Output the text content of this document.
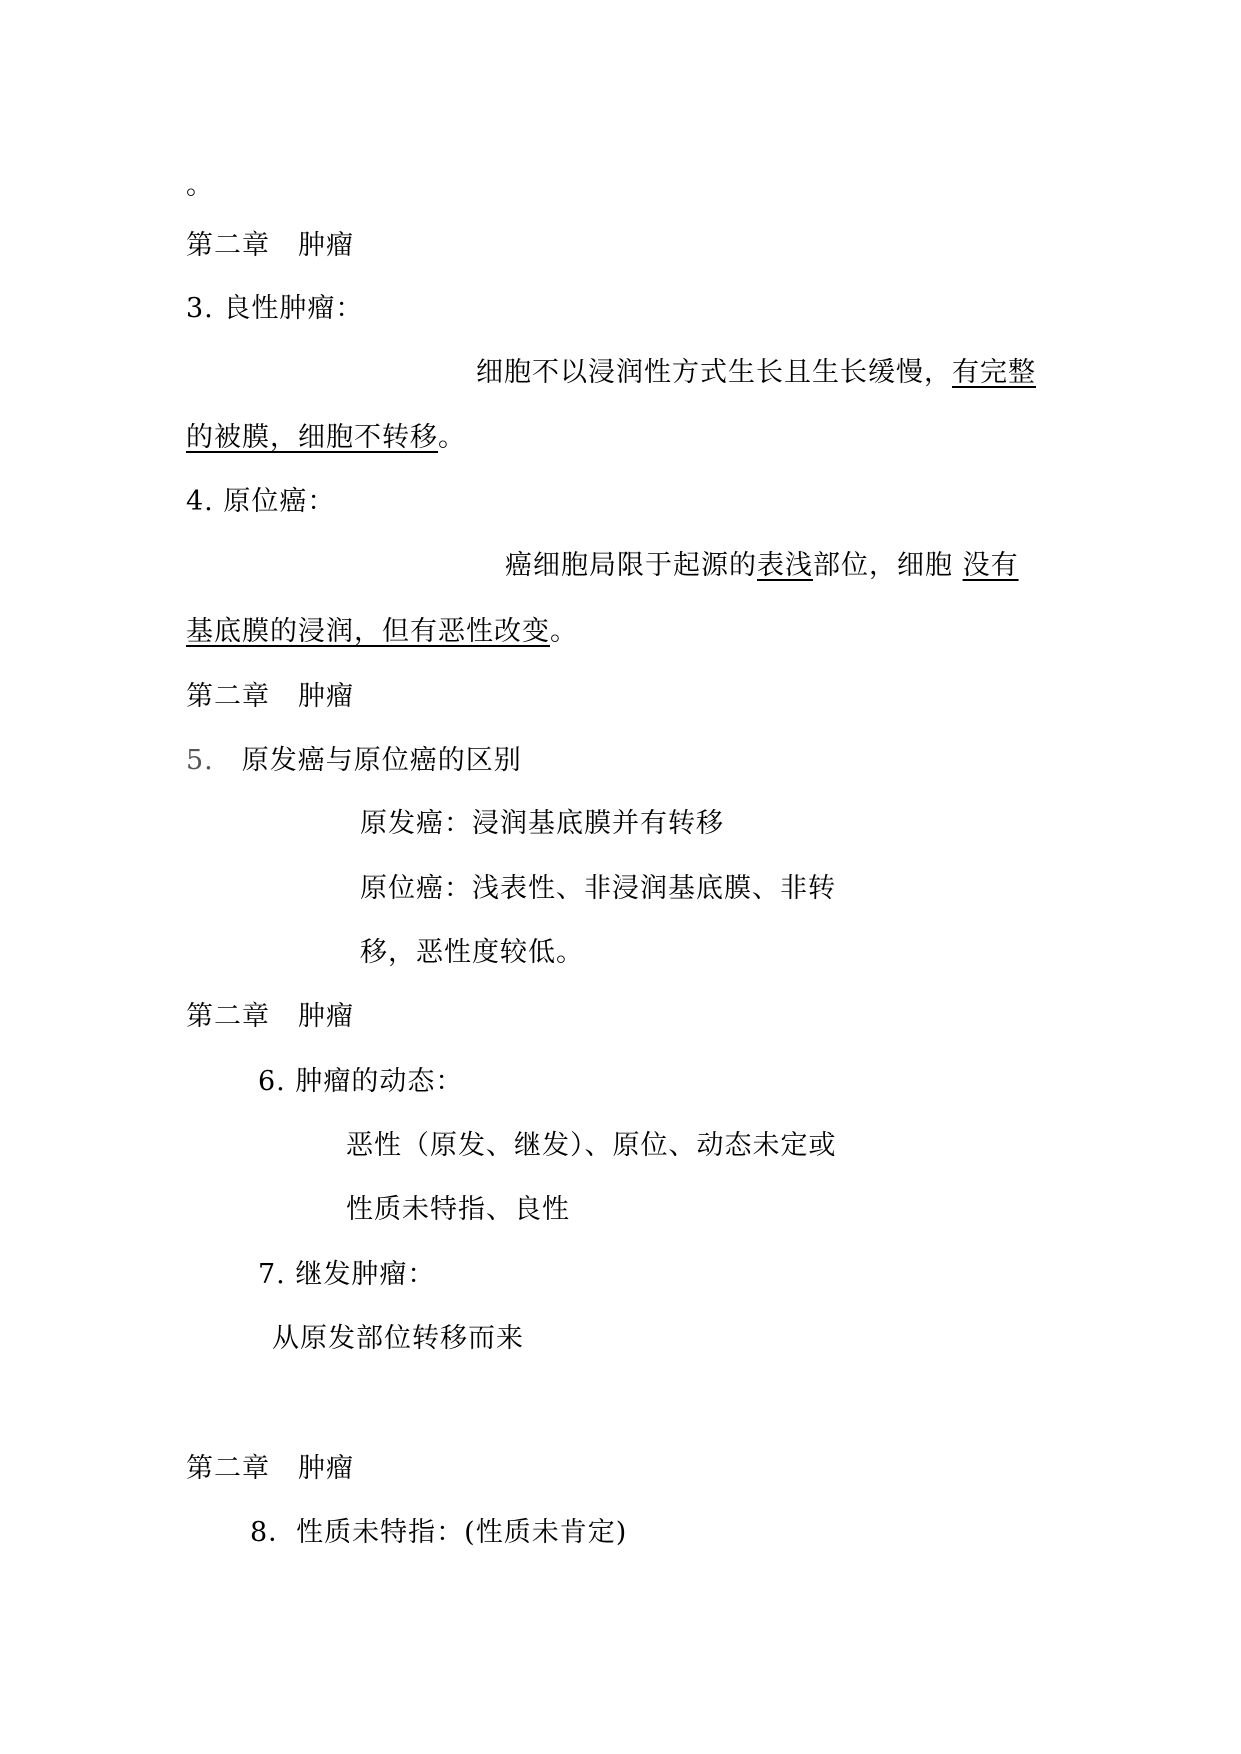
。
第二章　肿瘤
3. 良性肿瘤：
细胞不以浸润性方式生长且生长缓慢，有完整
的被膜，细胞不转移。
4. 原位癌：
癌细胞局限于起源的表浅部位，细胞 没有
基底膜的浸润，但有恶性改变。
第二章　肿瘤
5. 原发癌与原位癌的区别
原发癌：浸润基底膜并有转移
原位癌：浅表性、非浸润基底膜、非转
移，恶性度较低。
第二章　肿瘤
6. 肿瘤的动态：
恶性（原发、继发）、原位、动态未定或
性质未特指、良性
7. 继发肿瘤：
从原发部位转移而来
第二章　肿瘤
8．性质未特指：(性质未肯定)
